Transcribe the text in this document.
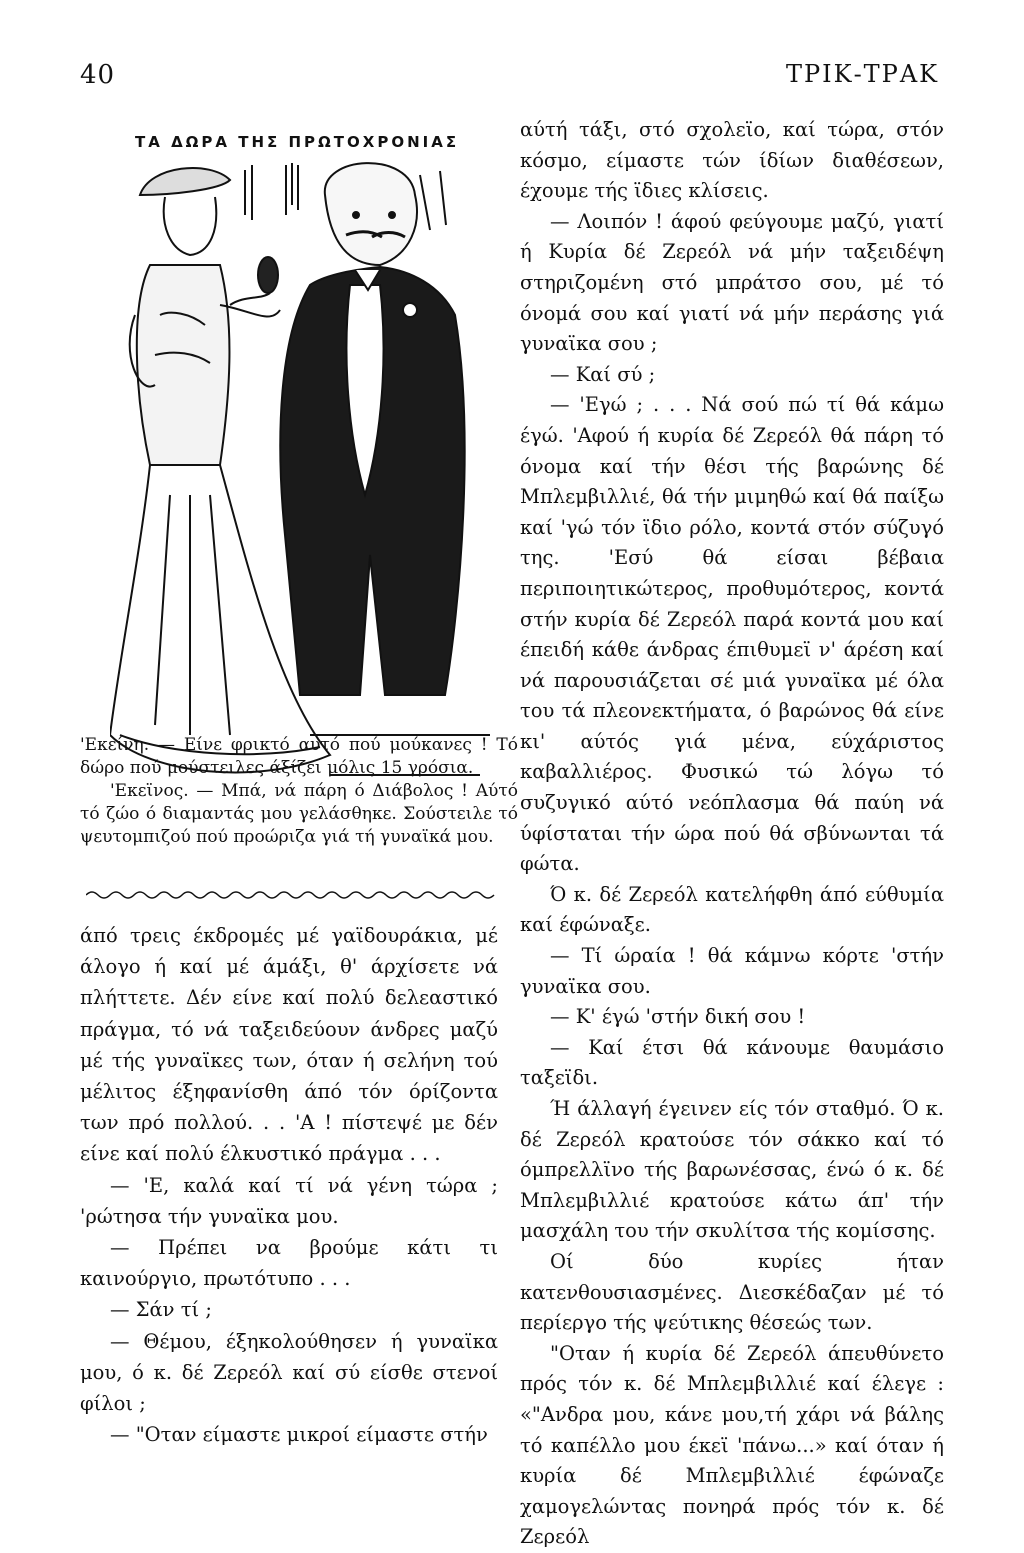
40	ΤΡΙΚ-ΤΡΑΚ
ΤΑ ΔΩΡΑ ΤΗΣ ΠΡΩΤΟΧΡΟΝΙΑΣ

'Εκείνη. — Είνε φρικτό αυτό πού μούκανες ! Τό δώρο πού μούστειλες άξίζει μόλις 15 γρόσια.

'Εκεϊνος. — Μπά, νά πάρη ό Διάβολος ! Αύτό τό ζώο ό διαμαντάς μου γελάσθηκε. Σούστειλε τό ψευτομπιζού πού προώριζα γιά τή γυναϊκά μου.

άπό τρεις έκδρομές μέ γαϊδουράκια, μέ άλογο ή καί μέ άμάξι, θ' άρχίσετε νά πλήττετε. Δέν είνε καί πολύ δελεαστικό πράγμα, τό νά ταξειδεύουν άνδρες μαζύ μέ τής γυναϊκες των, όταν ή σελήνη τού μέλιτος έξηφανίσθη άπό τόν όρίζοντα των πρό πολλού. . . 'Α ! πίστεψέ με δέν είνε καί πολύ έλκυστικό πράγμα . . .

— 'Ε, καλά καί τί νά γένη τώρα ; 'ρώτησα τήν γυναϊκα μου.

— Πρέπει να βρούμε κάτι τι καινούργιο, πρωτότυπο . . .

— Σάν τί ;

— Θέμου, έξηκολούθησεν ή γυναϊκα μου, ό κ. δέ Ζερεόλ καί σύ είσθε στενοί φίλοι ;

— "Οταν είμαστε μικροί είμαστε στήν

αύτή τάξι, στό σχολεϊο, καί τώρα, στόν κόσμο, είμαστε τών ίδίων διαθέσεων, έχουμε τής ϊδιες κλίσεις.

— Λοιπόν ! άφού φεύγουμε μαζύ, γιατί ή Κυρία δέ Ζερεόλ νά μήν ταξειδέψη στηριζομένη στό μπράτσο σου, μέ τό όνομά σου καί γιατί νά μήν περάσης γιά γυναϊκα σου ;

— Καί σύ ;

— 'Εγώ ; . . . Νά σού πώ τί θά κάμω έγώ. 'Αφού ή κυρία δέ Ζερεόλ θά πάρη τό όνομα καί τήν θέσι τής βαρώνης δέ Μπλεμβιλλιέ, θά τήν μιμηθώ καί θά παίξω καί 'γώ τόν ϊδιο ρόλο, κοντά στόν σύζυγό της. 'Εσύ θά είσαι βέβαια περιποιητικώτερος, προθυμότερος, κοντά στήν κυρία δέ Ζερεόλ παρά κοντά μου καί έπειδή κάθε άνδρας έπιθυμεϊ ν' άρέση καί νά παρουσιάζεται σέ μιά γυναϊκα μέ όλα του τά πλεονεκτήματα, ό βαρώνος θά είνε κι' αύτός γιά μένα, εύχάριστος καβαλλιέρος. Φυσικώ τώ λόγω τό συζυγικό αύτό νεόπλασμα θά παύη νά ύφίσταται τήν ώρα πού θά σβύνωνται τά φώτα.

Ό κ. δέ Ζερεόλ κατελήφθη άπό εύθυμία καί έφώναξε.

— Τί ώραία ! θά κάμνω κόρτε 'στήν γυναϊκα σου.

— Κ' έγώ 'στήν δική σου !

— Καί έτσι θά κάνουμε θαυμάσιο ταξεϊδι.

Ή άλλαγή έγεινεν είς τόν σταθμό. Ό κ. δέ Ζερεόλ κρατούσε τόν σάκκο καί τό όμπρελλϊνο τής βαρωνέσσας, ένώ ό κ. δέ Μπλεμβιλλιέ κρατούσε κάτω άπ' τήν μασχάλη του τήν σκυλίτσα τής κομίσσης.

Οί δύο κυρίες ήταν κατενθουσιασμένες. Διεσκέδαζαν μέ τό περίεργο τής ψεύτικης θέσεώς των.

"Οταν ή κυρία δέ Ζερεόλ άπευθύνετο πρός τόν κ. δέ Μπλεμβιλλιέ καί έλεγε : «"Ανδρα μου, κάνε μου,τή χάρι νά βάλης τό καπέλλο μου έκεϊ 'πάνω...» καί όταν ή κυρία δέ Μπλεμβιλλιέ έφώναζε χαμογελώντας πονηρά πρός τόν κ. δέ Ζερεόλ
